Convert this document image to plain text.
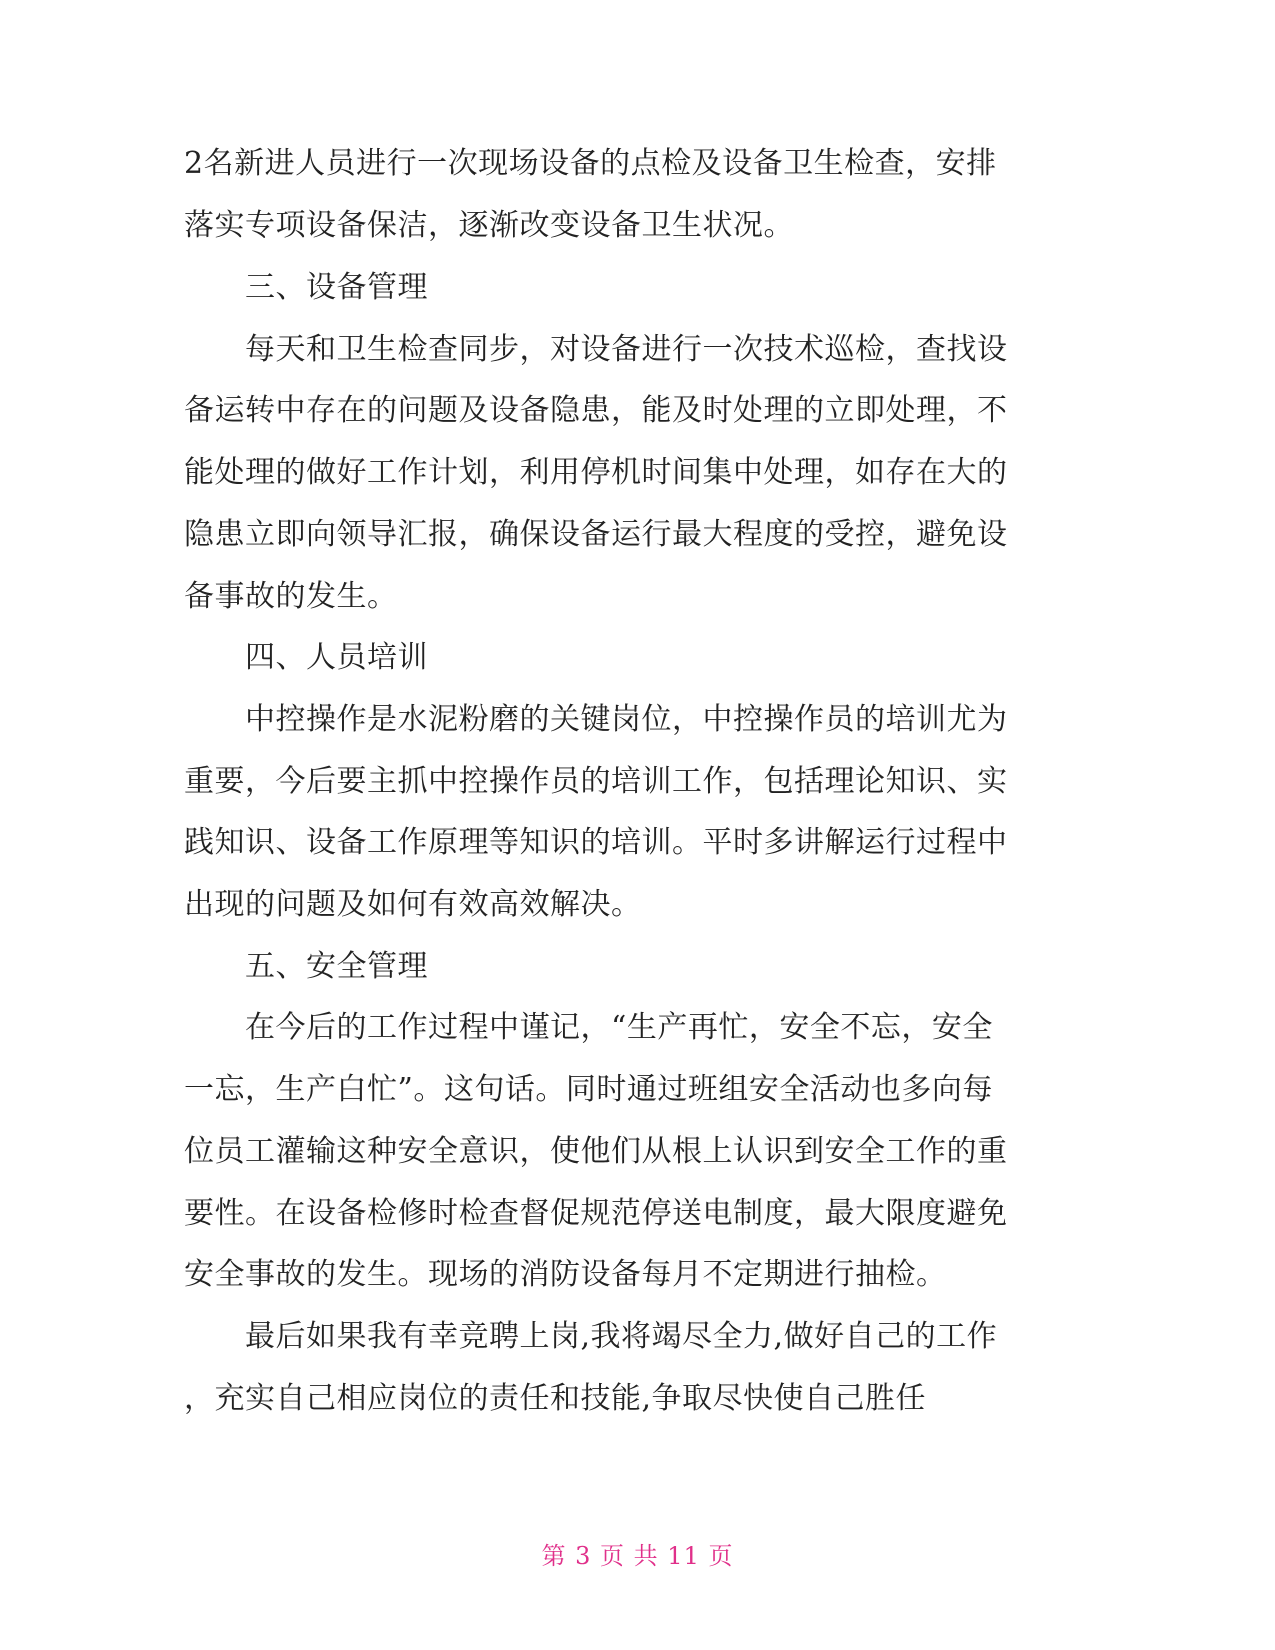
2名新进人员进行一次现场设备的点检及设备卫生检查，安排

落实专项设备保洁，逐渐改变设备卫生状况。

　　三、设备管理

　　每天和卫生检查同步，对设备进行一次技术巡检，查找设

备运转中存在的问题及设备隐患，能及时处理的立即处理，不

能处理的做好工作计划，利用停机时间集中处理，如存在大的

隐患立即向领导汇报，确保设备运行最大程度的受控，避免设

备事故的发生。

　　四、人员培训

　　中控操作是水泥粉磨的关键岗位，中控操作员的培训尤为

重要，今后要主抓中控操作员的培训工作，包括理论知识、实

践知识、设备工作原理等知识的培训。平时多讲解运行过程中

出现的问题及如何有效高效解决。

　　五、安全管理

　　在今后的工作过程中谨记，“生产再忙，安全不忘，安全

一忘，生产白忙”。这句话。同时通过班组安全活动也多向每

位员工灌输这种安全意识，使他们从根上认识到安全工作的重

要性。在设备检修时检查督促规范停送电制度，最大限度避免

安全事故的发生。现场的消防设备每月不定期进行抽检。

　　最后如果我有幸竞聘上岗,我将竭尽全力,做好自己的工作

，充实自己相应岗位的责任和技能,争取尽快使自己胜任

第 3 页 共 11 页
